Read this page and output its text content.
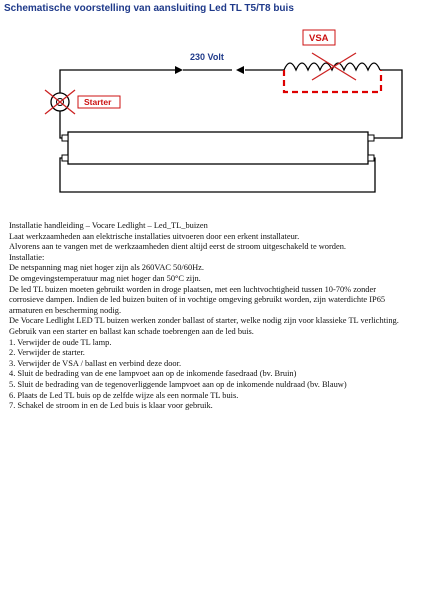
Schematische voorstelling van aansluiting Led TL T5/T8 buis
230 Volt
Starter
VSA
Installatie handleiding – Vocare Ledlight – Led_TL_buizen
Laat werkzaamheden aan elektrische installaties uitvoeren door een erkent installateur.
Alvorens aan te vangen met de werkzaamheden dient altijd eerst de stroom uitgeschakeld te worden.
Installatie:
De netspanning mag niet hoger zijn als 260VAC 50/60Hz.
De omgevingstemperatuur mag niet hoger dan 50°C zijn.
De led TL buizen moeten gebruikt worden in droge plaatsen, met een luchtvochtigheid tussen 10-70% zonder corrosieve dampen. Indien de led buizen buiten of in vochtige omgeving gebruikt worden, zijn waterdichte IP65 armaturen en bescherming nodig.
De Vocare Ledlight LED TL buizen werken zonder ballast of starter, welke nodig zijn voor klassieke TL verlichting. Gebruik van een starter en ballast kan schade toebrengen aan de led buis.
1. Verwijder de oude TL lamp.
2. Verwijder de starter.
3. Verwijder de VSA / ballast en verbind deze door.
4. Sluit de bedrading van de ene lampvoet aan op de inkomende fasedraad (bv. Bruin)
5. Sluit de bedrading van de tegenoverliggende lampvoet aan op de inkomende nuldraad (bv. Blauw)
6. Plaats de Led TL buis op de zelfde wijze als een normale TL buis.
7. Schakel de stroom in en de Led buis is klaar voor gebruik.
